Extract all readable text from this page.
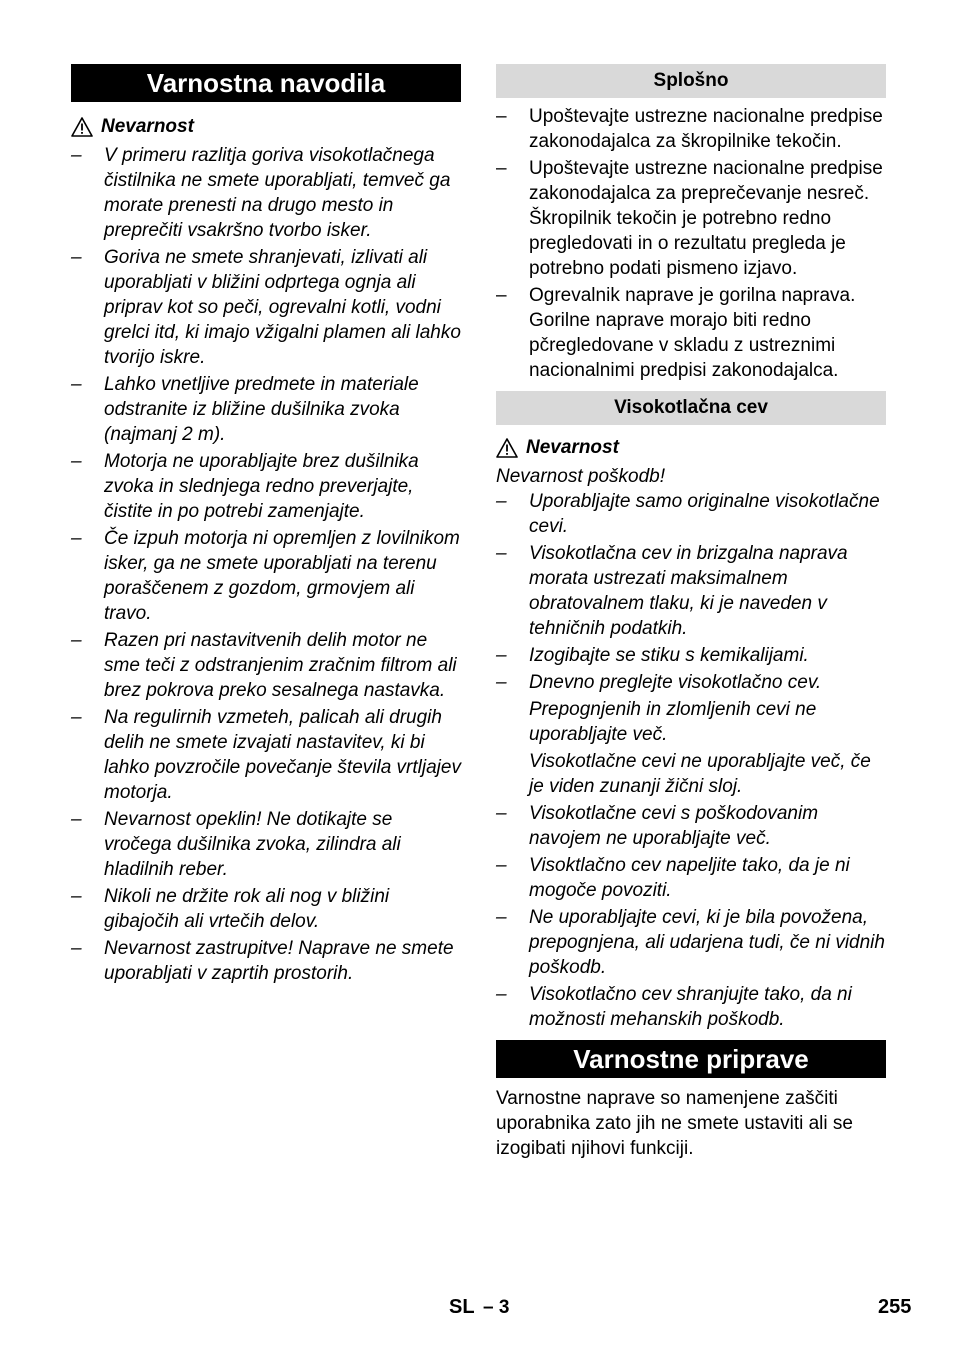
Varnostna navodila
Nevarnost
– V primeru razlitja goriva visokotlačnega čistilnika ne smete uporabljati, temveč ga morate prenesti na drugo mesto in preprečiti vsakršno tvorbo isker.
– Goriva ne smete shranjevati, izlivati ali uporabljati v bližini odprtega ognja ali priprav kot so peči, ogrevalni kotli, vodni grelci itd, ki imajo vžigalni plamen ali lahko tvorijo iskre.
– Lahko vnetljive predmete in materiale odstranite iz bližine dušilnika zvoka (najmanj 2 m).
– Motorja ne uporabljajte brez dušilnika zvoka in slednjega redno preverjajte, čistite in po potrebi zamenjajte.
– Če izpuh motorja ni opremljen z lovilnikom isker, ga ne smete uporabljati na terenu poraščenem z gozdom, grmovjem ali travo.
– Razen pri nastavitvenih delih motor ne sme teči z odstranjenim zračnim filtrom ali brez pokrova preko sesalnega nastavka.
– Na regulirnih vzmeteh, palicah ali drugih delih ne smete izvajati nastavitev, ki bi lahko povzročile povečanje števila vrtljajev motorja.
– Nevarnost opeklin! Ne dotikajte se vročega dušilnika zvoka, zilindra ali hladilnih reber.
– Nikoli ne držite rok ali nog v bližini gibajočih ali vrtečih delov.
– Nevarnost zastrupitve! Naprave ne smete uporabljati v zaprtih prostorih.
Splošno
– Upoštevajte ustrezne nacionalne predpise zakonodajalca za škropilnike tekočin.
– Upoštevajte ustrezne nacionalne predpise zakonodajalca za preprečevanje nesreč. Škropilnik tekočin je potrebno redno pregledovati in o rezultatu pregleda je potrebno podati pismeno izjavo.
– Ogrevalnik naprave je gorilna naprava. Gorilne naprave morajo biti redno pčregledovane v skladu z ustreznimi nacionalnimi predpisi zakonodajalca.
Visokotlačna cev
Nevarnost

Nevarnost poškodb!

– Uporabljajte samo originalne visokotlačne cevi.
– Visokotlačna cev in brizgalna naprava morata ustrezati maksimalnem obratovalnem tlaku, ki je naveden v tehničnih podatkih.
– Izogibajte se stiku s kemikalijami.
– Dnevno preglejte visokotlačno cev.
Prepognjenih in zlomljenih cevi ne uporabljajte več.
Visokotlačne cevi ne uporabljajte več, če je viden zunanji žični sloj.
– Visokotlačne cevi s poškodovanim navojem ne uporabljajte več.
– Visoktlačno cev napeljite tako, da je ni mogoče povoziti.
– Ne uporabljajte cevi, ki je bila povožena, prepognjena, ali udarjena tudi, če ni vidnih poškodb.
– Visokotlačno cev shranjujte tako, da ni možnosti mehanskih poškodb.
Varnostne priprave

Varnostne naprave so namenjene zaščiti uporabnika zato jih ne smete ustaviti ali se izogibati njihovi funkciji.

SL – 3	255
